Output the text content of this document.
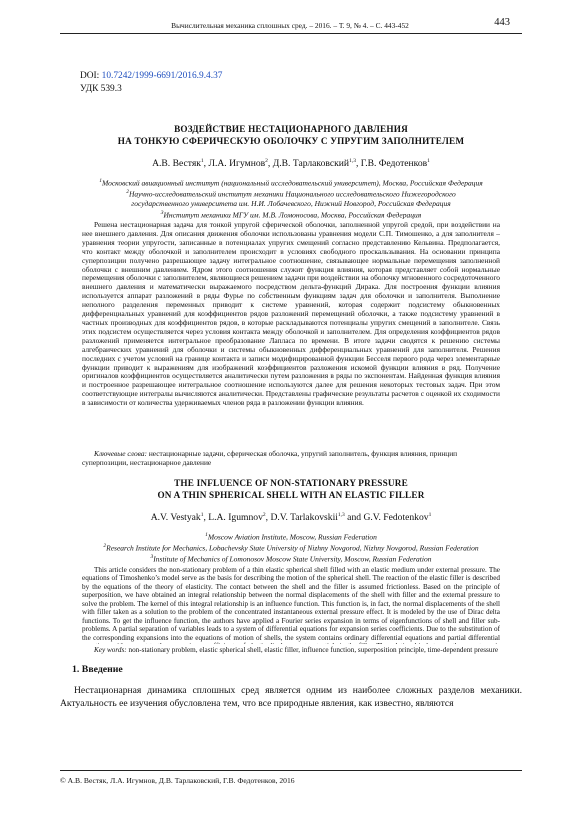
Вычислительная механика сплошных сред. – 2016. – Т. 9, № 4. – С. 443-452	443
DOI: 10.7242/1999-6691/2016.9.4.37
УДК 539.3
ВОЗДЕЙСТВИЕ НЕСТАЦИОНАРНОГО ДАВЛЕНИЯ
НА ТОНКУЮ СФЕРИЧЕСКУЮ ОБОЛОЧКУ С УПРУГИМ ЗАПОЛНИТЕЛЕМ
А.В. Вестяк$^1$, Л.А. Игумнов$^2$, Д.В. Тарлаковский$^{1,3}$, Г.В. Федотенков$^1$
$^1$Московский авиационный институт (национальный исследовательский университет), Москва, Российская Федерация
$^2$Научно-исследовательский институт механики Национального исследовательского Нижегородского
государственного университета им. Н.И. Лобачевского, Нижний Новгород, Российская Федерация
$^3$Институт механики МГУ им. М.В. Ломоносова, Москва, Российская Федерация

Решена нестационарная задача для тонкой упругой сферической оболочки, заполненной упругой средой, при воздействии на нее внешнего давления. Для описания движения оболочки использованы уравнения модели С.П. Тимошенко, а для заполнителя – уравнения теории упругости, записанные в потенциалах упругих смещений согласно представлению Кельвина. Предполагается, что контакт между оболочкой и заполнителем происходит в условиях свободного проскальзывания. На основании принципа суперпозиции получено разрешающее задачу интегральное соотношение, связывающее нормальные перемещения заполненной оболочки с внешним давлением. Ядром этого соотношения служит функция влияния, которая представляет собой нормальные перемещения оболочки с заполнителем, являющиеся решением задачи при воздействии на оболочку мгновенного сосредоточенного внешнего давления и математически выражаемого посредством дельта-функций Дирака. Для построения функции влияния используется аппарат разложений в ряды Фурье по собственным функциям задач для оболочки и заполнителя. Выполнение неполного разделения переменных приводит к системе уравнений, которая содержит подсистему обыкновенных дифференциальных уравнений для коэффициентов рядов разложений перемещений оболочки, а также подсистему уравнений в частных производных для коэффициентов рядов, в которые раскладываются потенциалы упругих смещений в заполнителе. Связь этих подсистем осуществляется через условия контакта между оболочкой и заполнителем. Для определения коэффициентов рядов разложений применяется интегральное преобразование Лапласа по времени. В итоге задачи сводятся к решению системы алгебраических уравнений для оболочки и системы обыкновенных дифференциальных уравнений для заполнителя. Решения последних с учетом условий на границе контакта и записи модифицированной функции Бесселя первого рода через элементарные функции приводит к выражениям для изображений коэффициентов разложения искомой функции влияния в ряд. Получение оригиналов коэффициентов осуществляется аналитически путем разложения в ряды по экспонентам. Найденная функция влияния и построенное разрешающее интегральное соотношение используются далее для решения некоторых тестовых задач. При этом соответствующие интегралы вычисляются аналитически. Представлены графические результаты расчетов с оценкой их сходимости в зависимости от количества удерживаемых членов ряда в разложении функции влияния.

Ключевые слова: нестационарные задачи, сферическая оболочка, упругий заполнитель, функция влияния, принцип суперпозиции, нестационарное давление
THE INFLUENCE OF NON-STATIONARY PRESSURE
ON A THIN SPHERICAL SHELL WITH AN ELASTIC FILLER
A.V. Vestyak$^1$, L.A. Igumnov$^2$, D.V. Tarlakovskii$^{1,3}$ and G.V. Fedotenkov$^1$
$^1$Moscow Aviation Institute, Moscow, Russian Federation
$^2$Research Institute for Mechanics, Lobachevsky State University of Nizhny Novgorod, Nizhny Novgorod, Russian Federation
$^3$Institute of Mechanics of Lomonosov Moscow State University, Moscow, Russian Federation

This article considers the non-stationary problem of a thin elastic spherical shell filled with an elastic medium under external pressure. The equations of Timoshenko’s model serve as the basis for describing the motion of the spherical shell. The reaction of the elastic filler is described by the equations of the theory of elasticity. The contact between the shell and the filler is assumed frictionless. Based on the principle of superposition, we have obtained an integral relationship between the normal displacements of the shell with filler and the external pressure to solve the problem. The kernel of this integral relationship is an influence function. This function is, in fact, the normal displacements of the shell with filler taken as a solution to the problem of the concentrated instantaneous external pressure effect. It is modeled by the use of Dirac delta functions. To get the influence function, the authors have applied a Fourier series expansion in terms of eigenfunctions of shell and filler sub-problems. A partial separation of variables leads to a system of differential equations for expansion series coefficients. Due to the substitution of the corresponding expansions into the equations of motion of shells, the system contains ordinary differential equations and partial differential

Key words: non-stationary problem, elastic spherical shell, elastic filler, influence function, superposition principle, time-dependent pressure
1. Введение

Нестационарная динамика сплошных сред является одним из наиболее сложных разделов механики. Актуальность ее изучения обусловлена тем, что все природные явления, как известно, являются

© А.В. Вестяк, Л.А. Игумнов, Д.В. Тарлаковский, Г.В. Федотенков, 2016
